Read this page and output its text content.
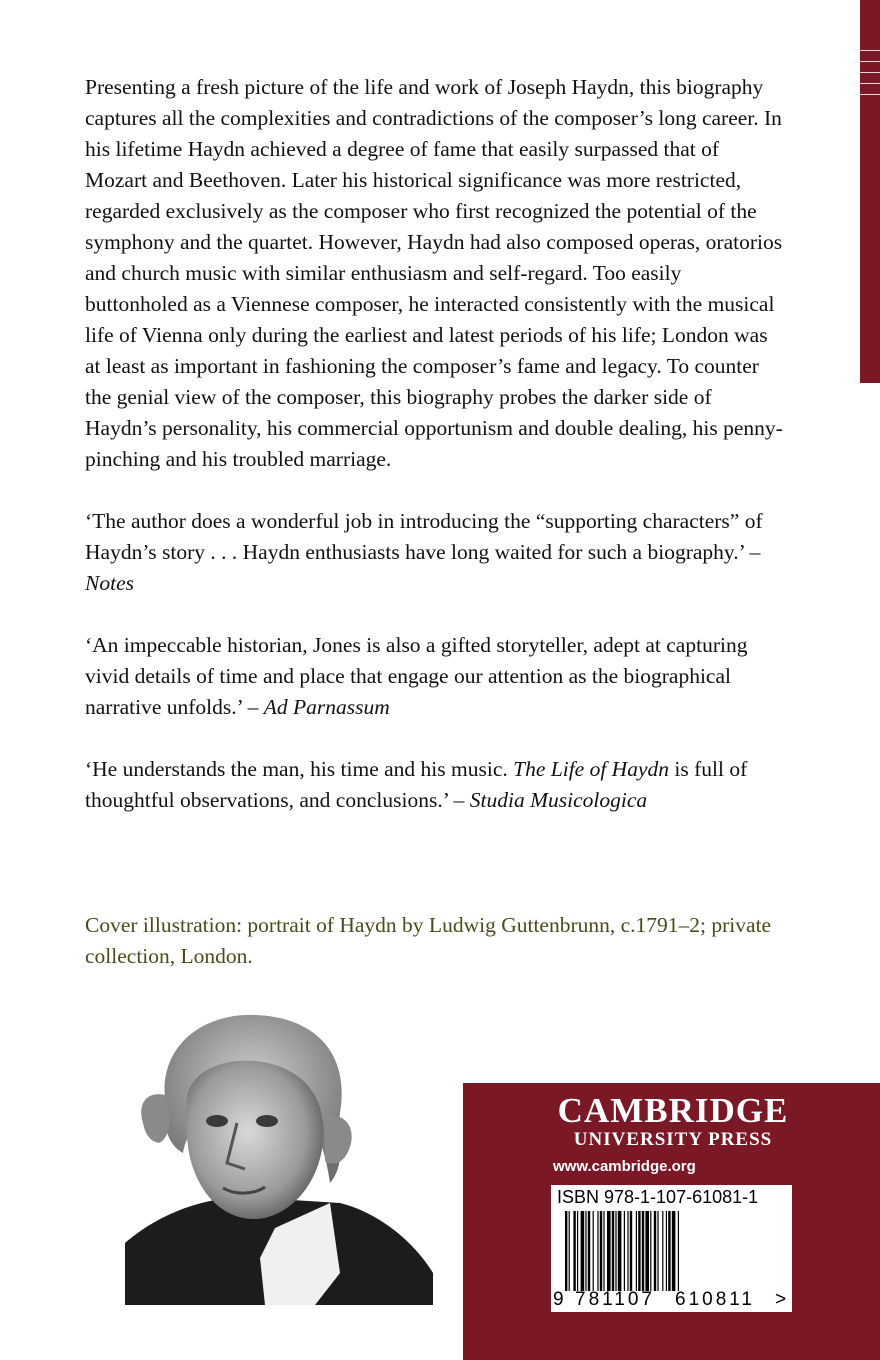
Presenting a fresh picture of the life and work of Joseph Haydn, this biography captures all the complexities and contradictions of the composer’s long career. In his lifetime Haydn achieved a degree of fame that easily surpassed that of Mozart and Beethoven. Later his historical significance was more restricted, regarded exclusively as the composer who first recognized the potential of the symphony and the quartet. However, Haydn had also composed operas, oratorios and church music with similar enthusiasm and self-regard. Too easily buttonholed as a Viennese composer, he interacted consistently with the musical life of Vienna only during the earliest and latest periods of his life; London was at least as important in fashioning the composer’s fame and legacy. To counter the genial view of the composer, this biography probes the darker side of Haydn’s personality, his commercial opportunism and double dealing, his penny-pinching and his troubled marriage.

‘The author does a wonderful job in introducing the “supporting characters” of Haydn’s story . . . Haydn enthusiasts have long waited for such a biography.’ – Notes

‘An impeccable historian, Jones is also a gifted storyteller, adept at capturing vivid details of time and place that engage our attention as the biographical narrative unfolds.’ – Ad Parnassum

‘He understands the man, his time and his music. The Life of Haydn is full of thoughtful observations, and conclusions.’ – Studia Musicologica

Cover illustration: portrait of Haydn by Ludwig Guttenbrunn, c.1791–2; private collection, London.
CAMBRIDGE
UNIVERSITY PRESS
www.cambridge.org
ISBN 978-1-107-61081-1
9 781107 610811 >
